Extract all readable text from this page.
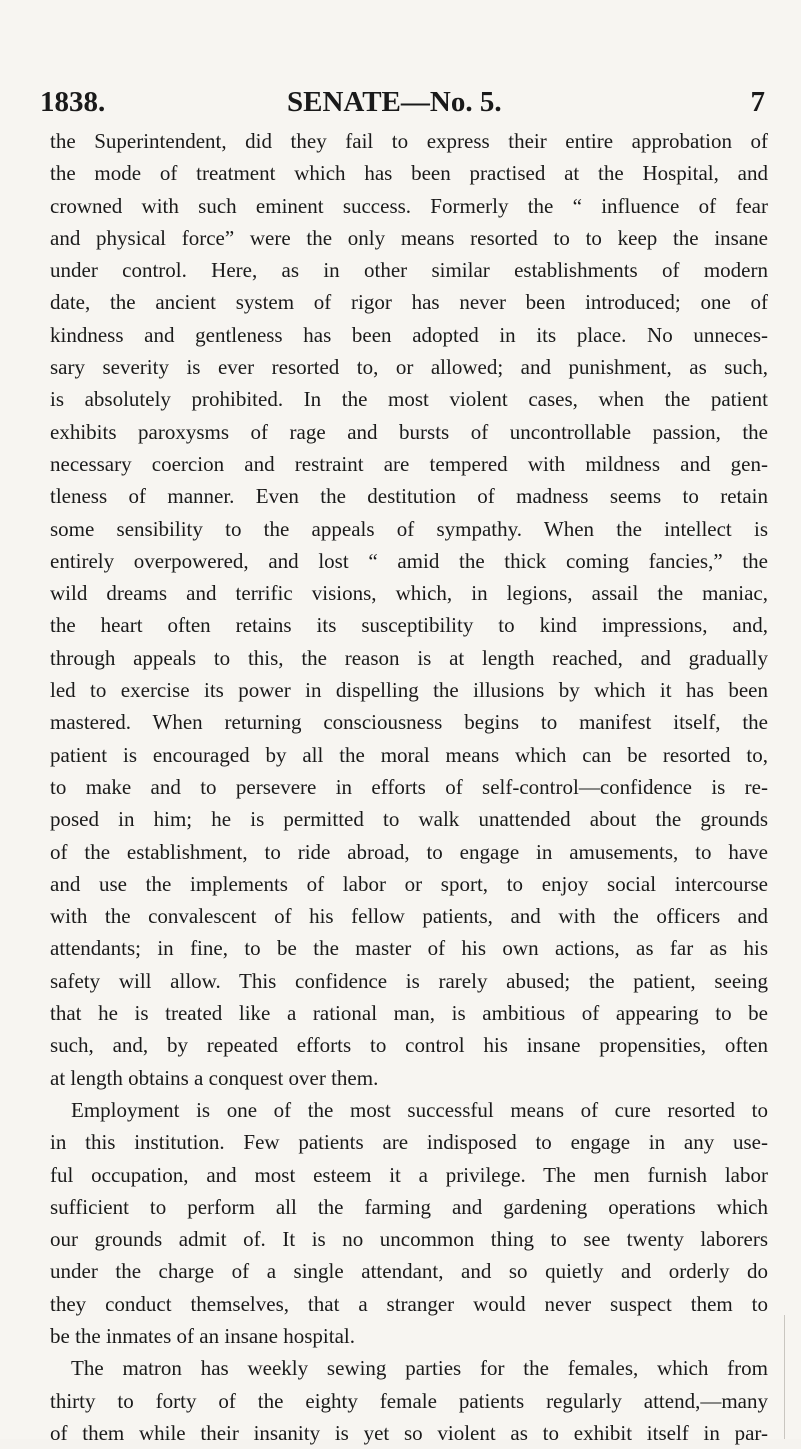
1838.	SENATE—No. 5.	7
the Superintendent, did they fail to express their entire approbation of
the mode of treatment which has been practised at the Hospital, and
crowned with such eminent success. Formerly the “ influence of fear
and physical force” were the only means resorted to to keep the insane
under control. Here, as in other similar establishments of modern
date, the ancient system of rigor has never been introduced; one of
kindness and gentleness has been adopted in its place. No unneces-
sary severity is ever resorted to, or allowed; and punishment, as such,
is absolutely prohibited. In the most violent cases, when the patient
exhibits paroxysms of rage and bursts of uncontrollable passion, the
necessary coercion and restraint are tempered with mildness and gen-
tleness of manner. Even the destitution of madness seems to retain
some sensibility to the appeals of sympathy. When the intellect is
entirely overpowered, and lost “ amid the thick coming fancies,” the
wild dreams and terrific visions, which, in legions, assail the maniac,
the heart often retains its susceptibility to kind impressions, and,
through appeals to this, the reason is at length reached, and gradually
led to exercise its power in dispelling the illusions by which it has been
mastered. When returning consciousness begins to manifest itself, the
patient is encouraged by all the moral means which can be resorted to,
to make and to persevere in efforts of self-control—confidence is re-
posed in him; he is permitted to walk unattended about the grounds
of the establishment, to ride abroad, to engage in amusements, to have
and use the implements of labor or sport, to enjoy social intercourse
with the convalescent of his fellow patients, and with the officers and
attendants; in fine, to be the master of his own actions, as far as his
safety will allow. This confidence is rarely abused; the patient, seeing
that he is treated like a rational man, is ambitious of appearing to be
such, and, by repeated efforts to control his insane propensities, often
at length obtains a conquest over them.
Employment is one of the most successful means of cure resorted to
in this institution. Few patients are indisposed to engage in any use-
ful occupation, and most esteem it a privilege. The men furnish labor
sufficient to perform all the farming and gardening operations which
our grounds admit of. It is no uncommon thing to see twenty laborers
under the charge of a single attendant, and so quietly and orderly do
they conduct themselves, that a stranger would never suspect them to
be the inmates of an insane hospital.
The matron has weekly sewing parties for the females, which from
thirty to forty of the eighty female patients regularly attend,—many
of them while their insanity is yet so violent as to exhibit itself in par-
